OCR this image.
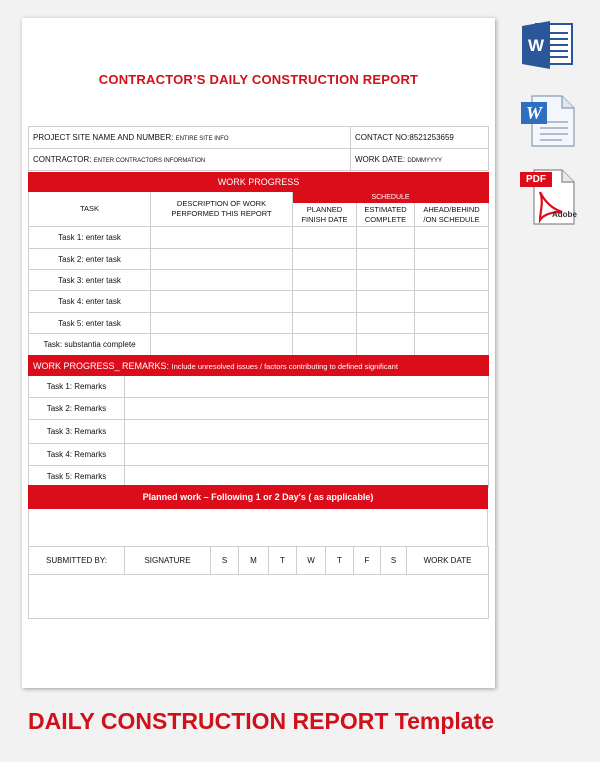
CONTRACTOR’S DAILY CONSTRUCTION REPORT
PROJECT SITE NAME AND NUMBER: ENTIRE SITE INFO	CONTACT NO:8521253659
CONTRACTOR: ENTER CONTRACTORS INFORMATION	WORK DATE: DDMMYYYY
WORK PROGRESS				
TASK	DESCRIPTION OF WORK PERFORMED THIS REPORT	SCHEDULE		
		PLANNED FINISH DATE	ESTIMATED COMPLETE	AHEAD/BEHIND /ON SCHEDULE
Task 1: enter task				
Task 2: enter task				
Task 3: enter task				
Task 4: enter task				
Task 5: enter task				
Task: substantia complete				
WORK PROGRESS_ REMARKS: Include unresolved issues / factors contributing to defined significant	
Task 1: Remarks	
Task 2: Remarks	
Task 3: Remarks	
Task 4: Remarks	
Task 5: Remarks	
Planned work – Following 1 or 2 Day's ( as applicable)

SUBMITTED BY:	SIGNATURE	S	M	T	W	T	F	S	WORK DATE

W
W
PDF
Adobe
DAILY CONSTRUCTION REPORT Template
